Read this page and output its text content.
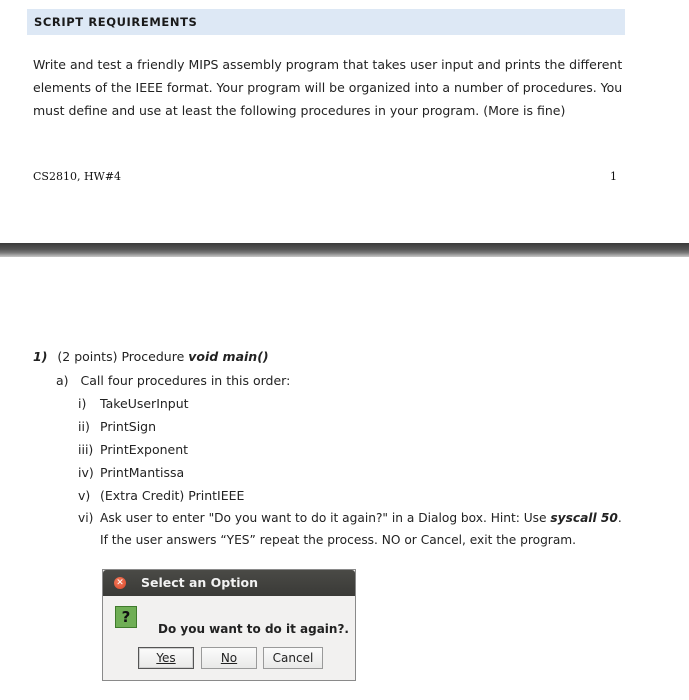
SCRIPT REQUIREMENTS
Write and test a friendly MIPS assembly program that takes user input and prints the different
elements of the IEEE format. Your program will be organized into a number of procedures. You
must define and use at least the following procedures in your program. (More is fine)
CS2810, HW#4	1
1) (2 points) Procedure void main()
a) Call four procedures in this order:
i) TakeUserInput
ii) PrintSign
iii) PrintExponent
iv) PrintMantissa
v) (Extra Credit) PrintIEEE
vi) Ask user to enter "Do you want to do it again?" in a Dialog box. Hint: Use syscall 50.
If the user answers “YES” repeat the process. NO or Cancel, exit the program.
✕ Select an Option
?
Do you want to do it again?.
Yes	No	Cancel
